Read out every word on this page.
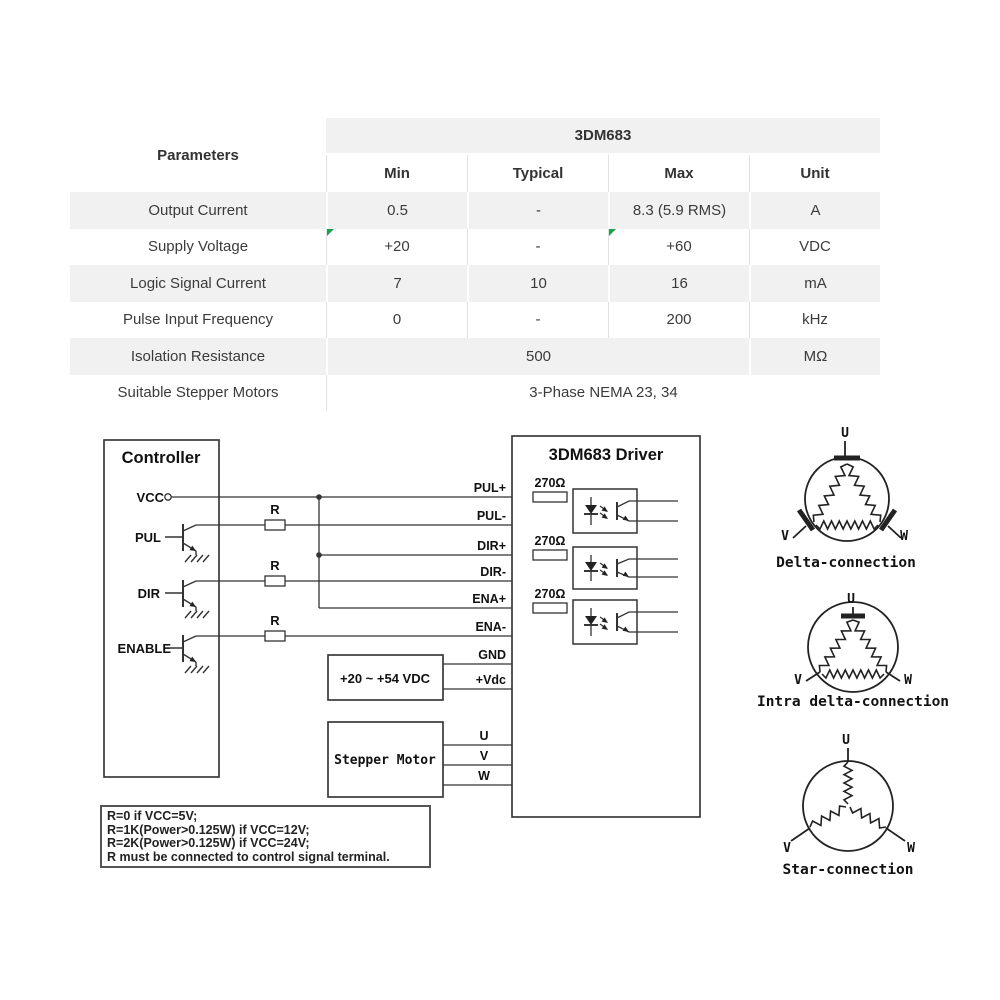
Parameters
3DM683
Min	Typical	Max	Unit
Output Current	0.5	-	8.3 (5.9 RMS)	A
Supply Voltage	+20	-	+60	VDC
Logic Signal Current	7	10	16	mA
Pulse Input Frequency	0	-	200	kHz
Isolation Resistance	500	MΩ
Suitable Stepper Motors	3-Phase NEMA 23, 34
Controller	3DM683 Driver
VCC
PUL
DIR
ENABLE
R
R
R
PUL+
PUL-
DIR+
DIR-
ENA+
ENA-
GND
+Vdc
U
V
W
270Ω
270Ω
270Ω
+20 ~ +54 VDC
Stepper Motor
U
V	W
Delta-connection
U
V	W
Intra delta-connection
U
V	W
Star-connection
R=0 if VCC=5V;
R=1K(Power>0.125W) if VCC=12V;
R=2K(Power>0.125W) if VCC=24V;
R must be connected to control signal terminal.
